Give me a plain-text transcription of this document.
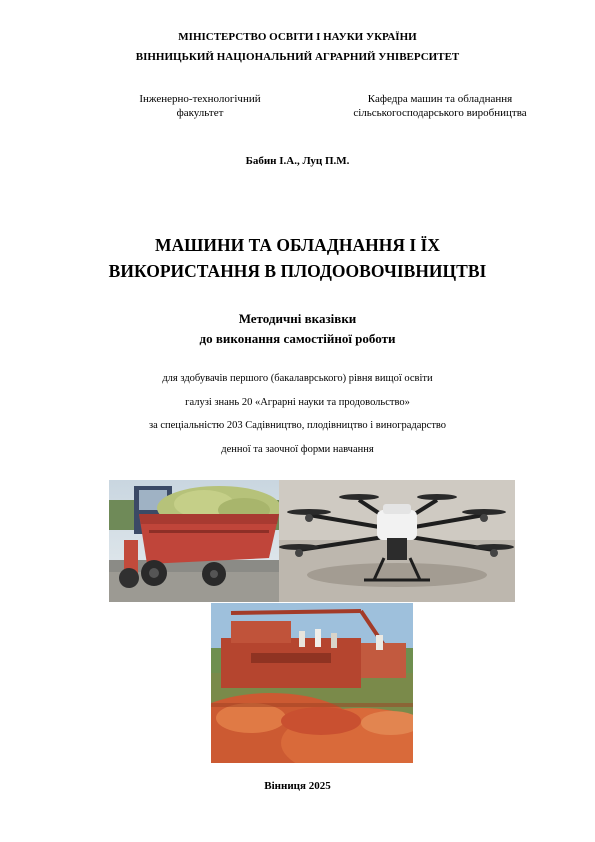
МІНІСТЕРСТВО ОСВІТИ І НАУКИ УКРАЇНИ
ВІННИЦЬКИЙ НАЦІОНАЛЬНИЙ АГРАРНИЙ УНІВЕРСИТЕТ
Інженерно-технологічний
факультет
Кафедра машин та обладнання
сільськогосподарського виробництва
Бабин І.А., Луц П.М.
МАШИНИ ТА ОБЛАДНАННЯ І ЇХ
ВИКОРИСТАННЯ В ПЛОДООВОЧІВНИЦТВІ
Методичні вказівки
до виконання самостійної роботи
для здобувачів першого (бакалаврського) рівня вищої освіти
галузі знань 20 «Аграрні науки та продовольство»
за спеціальністю 203 Садівництво, плодівництво і виноградарство
денної та заочної форми навчання
Вінниця 2025
